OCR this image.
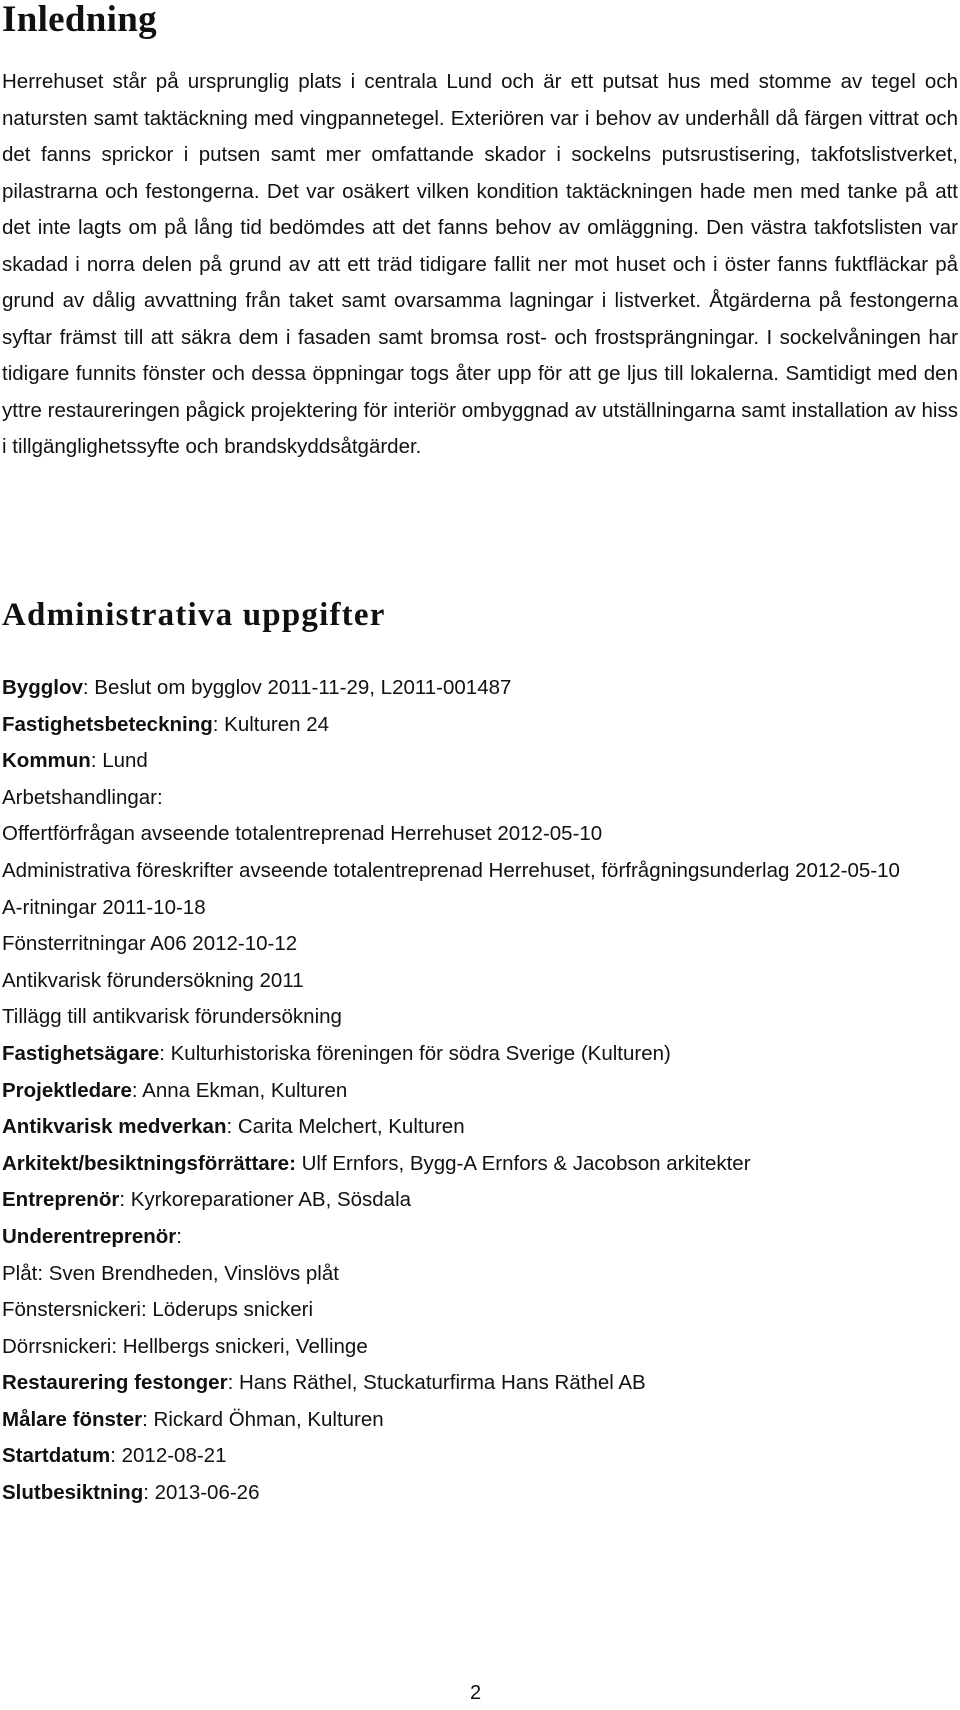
Inledning

Herrehuset står på ursprunglig plats i centrala Lund och är ett putsat hus med stomme av tegel och natursten samt taktäckning med vingpannetegel. Exteriören var i behov av underhåll då färgen vittrat och det fanns sprickor i putsen samt mer omfattande skador i sockelns putsrustisering, takfotslistverket, pilastrarna och festongerna. Det var osäkert vilken kondition taktäckningen hade men med tanke på att det inte lagts om på lång tid bedömdes att det fanns behov av omläggning. Den västra takfotslisten var skadad i norra delen på grund av att ett träd tidigare fallit ner mot huset och i öster fanns fuktfläckar på grund av dålig avvattning från taket samt ovarsamma lagningar i listverket. Åtgärderna på festongerna syftar främst till att säkra dem i fasaden samt bromsa rost- och frostsprängningar. I sockelvåningen har tidigare funnits fönster och dessa öppningar togs åter upp för att ge ljus till lokalerna. Samtidigt med den yttre restaureringen pågick projektering för interiör ombyggnad av utställningarna samt installation av hiss i tillgänglighetssyfte och brandskyddsåtgärder.

Administrativa uppgifter
Bygglov: Beslut om bygglov 2011-11-29, L2011-001487
Fastighetsbeteckning: Kulturen 24
Kommun: Lund
Arbetshandlingar:
Offertförfrågan avseende totalentreprenad Herrehuset 2012-05-10
Administrativa föreskrifter avseende totalentreprenad Herrehuset, förfrågningsunderlag 2012-05-10
A-ritningar 2011-10-18
Fönsterritningar A06 2012-10-12
Antikvarisk förundersökning 2011
Tillägg till antikvarisk förundersökning
Fastighetsägare: Kulturhistoriska föreningen för södra Sverige (Kulturen)
Projektledare: Anna Ekman, Kulturen
Antikvarisk medverkan: Carita Melchert, Kulturen
Arkitekt/besiktningsförrättare: Ulf Ernfors, Bygg-A Ernfors & Jacobson arkitekter
Entreprenör: Kyrkoreparationer AB, Sösdala
Underentreprenör:
Plåt: Sven Brendheden, Vinslövs plåt
Fönstersnickeri: Löderups snickeri
Dörrsnickeri: Hellbergs snickeri, Vellinge
Restaurering festonger: Hans Räthel, Stuckaturfirma Hans Räthel AB
Målare fönster: Rickard Öhman, Kulturen
Startdatum: 2012-08-21
Slutbesiktning: 2013-06-26
2
